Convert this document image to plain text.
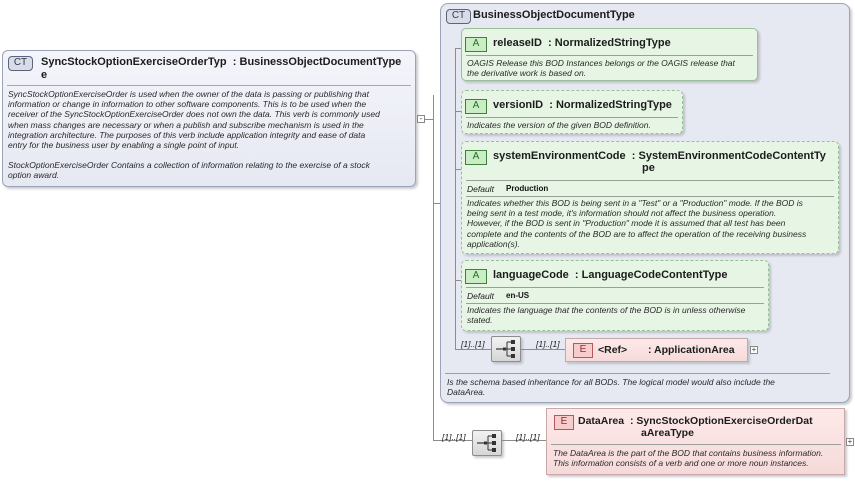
CT	SyncStockOptionExerciseOrderTyp : BusinessObjectDocumentType
e
SyncStockOptionExerciseOrder is used when the owner of the data is passing or publishing that
information or change in information to other software components. This is to be used when the
receiver of the SyncStockOptionExerciseOrder does not own the data. This verb is commonly used
when mass changes are necessary or when a publish and subscribe mechanism is used in the
integration architecture. The purposes of this verb include application integrity and ease of data
entry for the business user by enabling a single point of input.
StockOptionExerciseOrder Contains a collection of information relating to the exercise of a stock
option award.
-
CT BusinessObjectDocumentType
A	releaseID  : NormalizedStringType
OAGIS Release this BOD Instances belongs or the OAGIS release that
the derivative work is based on.
A	versionID  : NormalizedStringType
Indicates the version of the given BOD definition.
A	systemEnvironmentCode  : SystemEnvironmentCodeContentTy
pe
Default Production
Indicates whether this BOD is being sent in a "Test" or a "Production" mode. If the BOD is
being sent in a test mode, it's information should not affect the business operation.
However, if the BOD is sent in "Production" mode it is assumed that all test has been
complete and the contents of the BOD are to affect the operation of the receiving business
application(s).
A	languageCode  : LanguageCodeContentType
Default en-US
Indicates the language that the contents of the BOD is in unless otherwise
stated.
[1]..[1]	[1]..[1]	E	<Ref> : ApplicationArea +
Is the schema based inheritance for all BODs. The logical model would also include the
DataArea.
[1]..[1]	[1]..[1]
E	DataArea : SyncStockOptionExerciseOrderDat
aAreaType
The DataArea is the part of the BOD that contains business information.
This information consists of a verb and one or more noun instances.
+
